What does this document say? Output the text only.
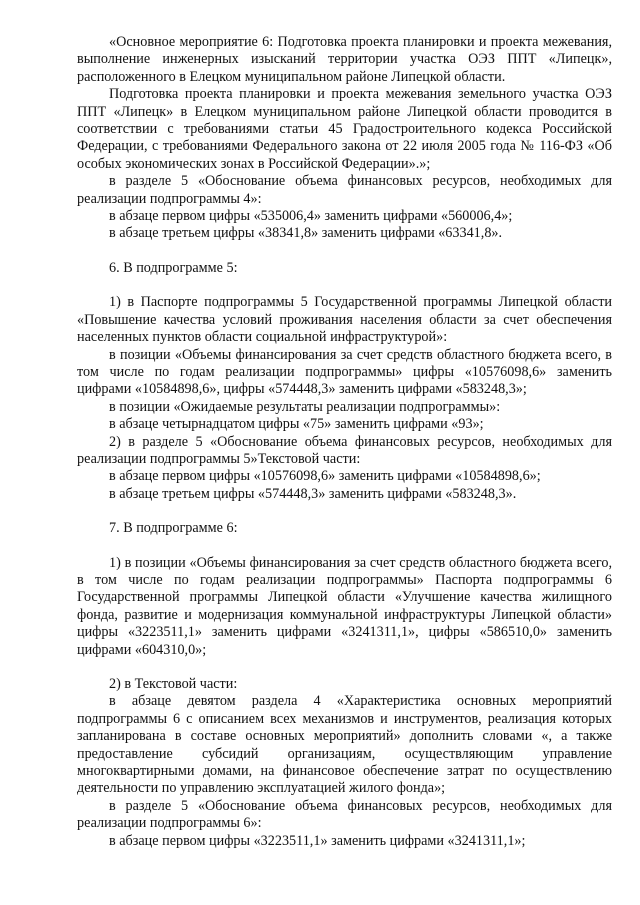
«Основное мероприятие 6: Подготовка проекта планировки и проекта межевания, выполнение инженерных изысканий территории участка ОЭЗ ППТ «Липецк», расположенного в Елецком муниципальном районе Липецкой области.

Подготовка проекта планировки и проекта межевания земельного участка ОЭЗ ППТ «Липецк» в Елецком муниципальном районе Липецкой области проводится в соответствии с требованиями статьи 45 Градостроительного кодекса Российской Федерации, с требованиями Федерального закона от 22 июля 2005 года № 116-ФЗ «Об особых экономических зонах в Российской Федерации».»;

в разделе 5 «Обоснование объема финансовых ресурсов, необходимых для реализации подпрограммы 4»:

в абзаце первом цифры «535006,4» заменить цифрами «560006,4»;

в абзаце третьем цифры «38341,8» заменить цифрами «63341,8».

6. В подпрограмме 5:

1) в Паспорте подпрограммы 5 Государственной программы Липецкой области «Повышение качества условий проживания населения области за счет обеспечения населенных пунктов области социальной инфраструктурой»:

в позиции «Объемы финансирования за счет средств областного бюджета всего, в том числе по годам реализации подпрограммы» цифры «10576098,6» заменить цифрами «10584898,6», цифры «574448,3» заменить цифрами «583248,3»;

в позиции «Ожидаемые результаты реализации подпрограммы»:

в абзаце четырнадцатом цифры «75» заменить цифрами «93»;

2) в разделе 5 «Обоснование объема финансовых ресурсов, необходимых для реализации подпрограммы 5»Текстовой части:

в абзаце первом цифры «10576098,6» заменить цифрами «10584898,6»;

в абзаце третьем цифры «574448,3» заменить цифрами «583248,3».

7. В подпрограмме 6:

1) в позиции «Объемы финансирования за счет средств областного бюджета всего, в том числе по годам реализации подпрограммы» Паспорта подпрограммы 6 Государственной программы Липецкой области «Улучшение качества жилищного фонда, развитие и модернизация коммунальной инфраструктуры Липецкой области» цифры «3223511,1» заменить цифрами «3241311,1», цифры «586510,0» заменить цифрами «604310,0»;

2) в Текстовой части:

в абзаце девятом раздела 4 «Характеристика основных мероприятий подпрограммы 6 с описанием всех механизмов и инструментов, реализация которых запланирована в составе основных мероприятий» дополнить словами «, а также предоставление субсидий организациям, осуществляющим управление многоквартирными домами, на финансовое обеспечение затрат по осуществлению деятельности по управлению эксплуатацией жилого фонда»;

в разделе 5 «Обоснование объема финансовых ресурсов, необходимых для реализации подпрограммы 6»:

в абзаце первом цифры «3223511,1» заменить цифрами «3241311,1»;
